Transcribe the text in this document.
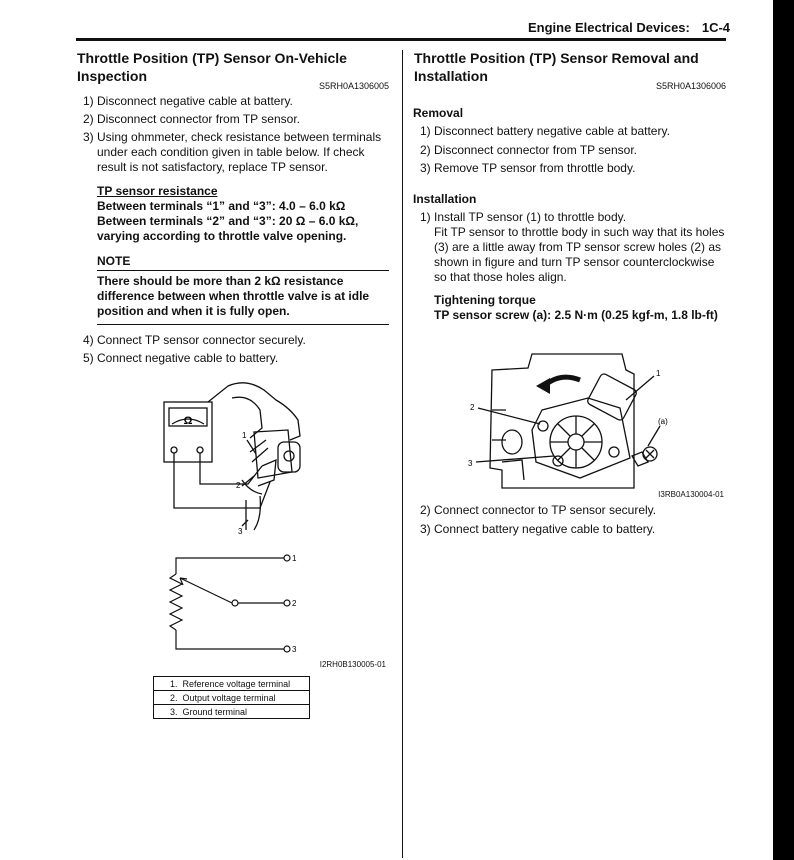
Engine Electrical Devices: 1C-4
Throttle Position (TP) Sensor On-Vehicle Inspection
S5RH0A1306005
1) Disconnect negative cable at battery.
2) Disconnect connector from TP sensor.
3) Using ohmmeter, check resistance between terminals under each condition given in table below. If check result is not satisfactory, replace TP sensor.
TP sensor resistance
Between terminals “1” and “3”: 4.0 – 6.0 kΩ
Between terminals “2” and “3”: 20 Ω – 6.0 kΩ, varying according to throttle valve opening.
NOTE
There should be more than 2 kΩ resistance difference between when throttle valve is at idle position and when it is fully open.
4) Connect TP sensor connector securely.
5) Connect negative cable to battery.
Ω
1
2
3
1
2
3
I2RH0B130005-01
1. Reference voltage terminal
2. Output voltage terminal
3. Ground terminal
Throttle Position (TP) Sensor Removal and Installation
S5RH0A1306006
Removal
1) Disconnect battery negative cable at battery.
2) Disconnect connector from TP sensor.
3) Remove TP sensor from throttle body.
Installation
1) Install TP sensor (1) to throttle body.
Fit TP sensor to throttle body in such way that its holes (3) are a little away from TP sensor screw holes (2) as shown in figure and turn TP sensor counterclockwise so that those holes align.
Tightening torque
TP sensor screw (a): 2.5 N·m (0.25 kgf-m, 1.8 lb-ft)
1
2
3
(a)
I3RB0A130004-01
2) Connect connector to TP sensor securely.
3) Connect battery negative cable to battery.
